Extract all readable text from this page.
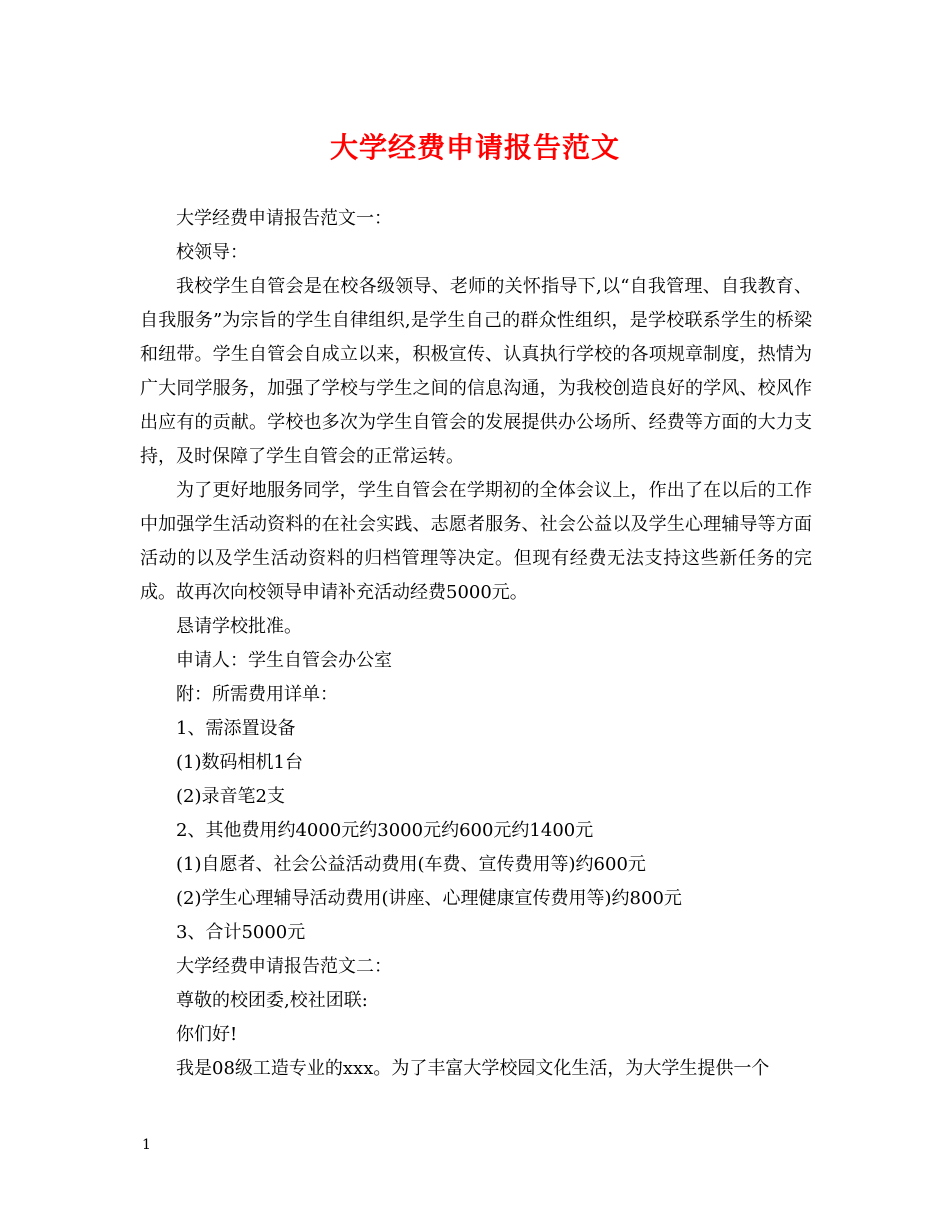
大学经费申请报告范文

大学经费申请报告范文一：

校领导：

我校学生自管会是在校各级领导、老师的关怀指导下,以“自我管理、自我教育、自我服务”为宗旨的学生自律组织,是学生自己的群众性组织，是学校联系学生的桥梁和纽带。学生自管会自成立以来，积极宣传、认真执行学校的各项规章制度，热情为广大同学服务，加强了学校与学生之间的信息沟通，为我校创造良好的学风、校风作出应有的贡献。学校也多次为学生自管会的发展提供办公场所、经费等方面的大力支持，及时保障了学生自管会的正常运转。

为了更好地服务同学，学生自管会在学期初的全体会议上，作出了在以后的工作中加强学生活动资料的在社会实践、志愿者服务、社会公益以及学生心理辅导等方面活动的以及学生活动资料的归档管理等决定。但现有经费无法支持这些新任务的完成。故再次向校领导申请补充活动经费5000元。

恳请学校批准。

申请人：学生自管会办公室

附：所需费用详单：

1、需添置设备

(1)数码相机1台

(2)录音笔2支

2、其他费用约4000元约3000元约600元约1400元

(1)自愿者、社会公益活动费用(车费、宣传费用等)约600元

(2)学生心理辅导活动费用(讲座、心理健康宣传费用等)约800元

3、合计5000元

大学经费申请报告范文二：

尊敬的校团委,校社团联:

你们好!

我是08级工造专业的xxx。为了丰富大学校园文化生活，为大学生提供一个

1
